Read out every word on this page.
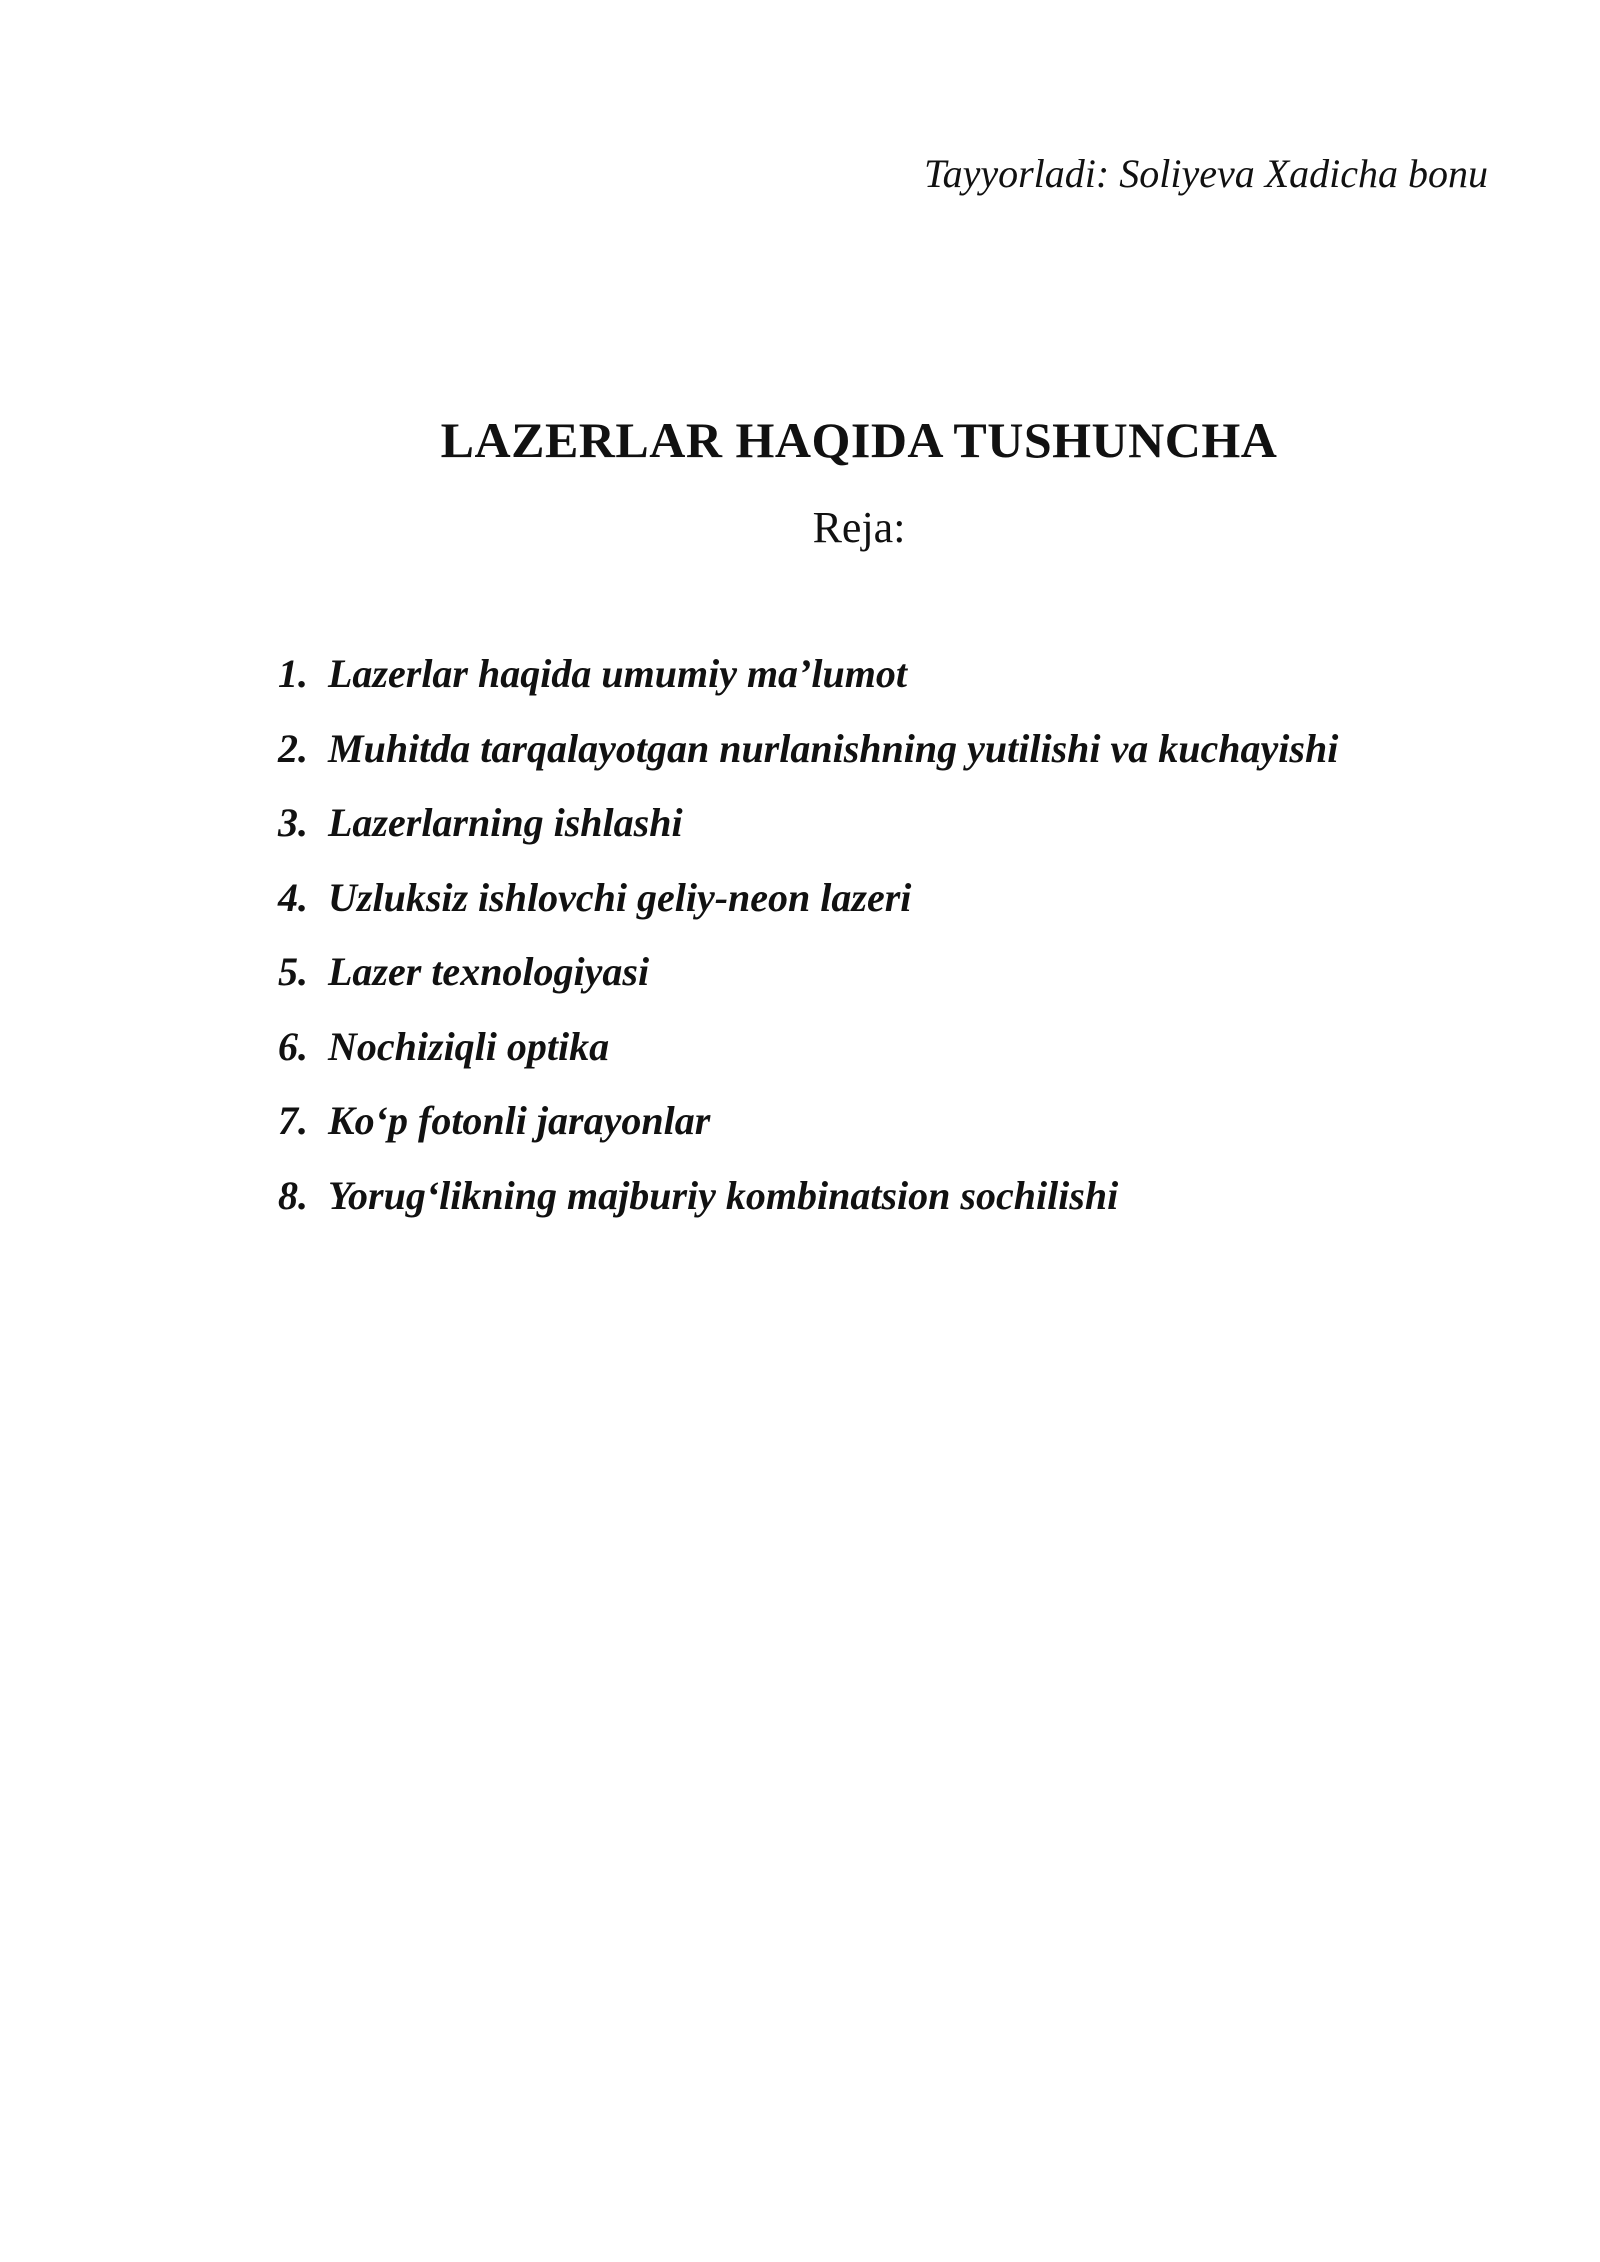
Tayyorladi: Soliyeva Xadicha bonu
LAZERLAR HAQIDA TUSHUNCHA
Reja:
1. Lazerlar haqida umumiy ma’lumot
2. Muhitda tarqalayotgan nurlanishning yutilishi va kuchayishi
3. Lazerlarning ishlashi
4. Uzluksiz ishlovchi geliy-neon lazeri
5. Lazer texnologiyasi
6. Nochiziqli optika
7. Ko‘p fotonli jarayonlar
8. Yorug‘likning majburiy kombinatsion sochilishi
